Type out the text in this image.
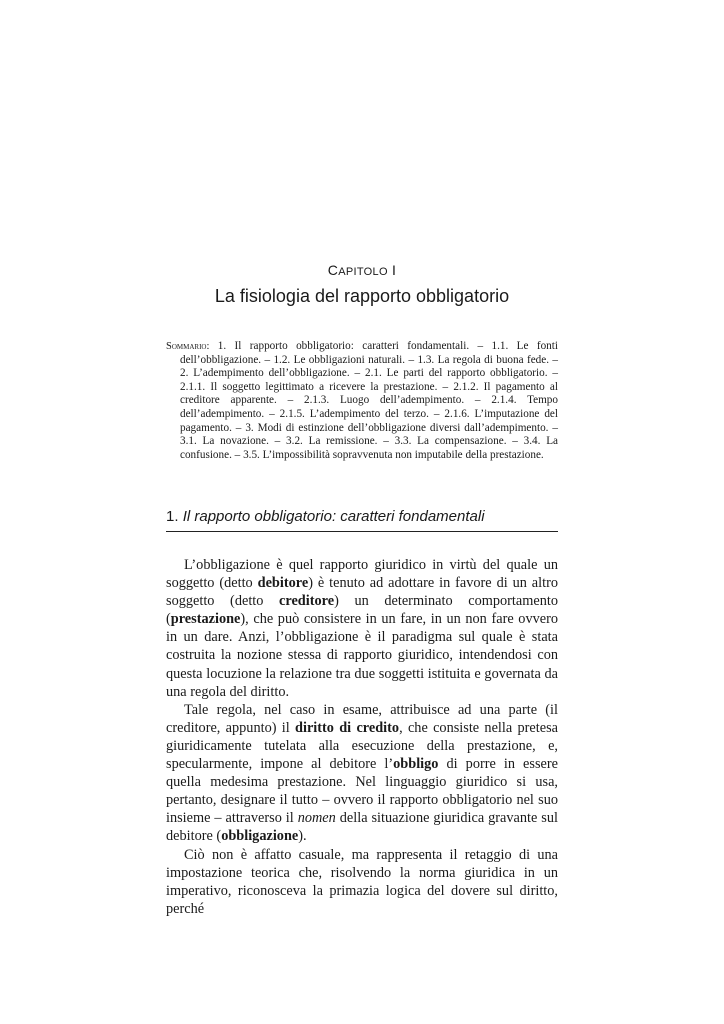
CAPITOLO I
La fisiologia del rapporto obbligatorio
Sommario: 1. Il rapporto obbligatorio: caratteri fondamentali. – 1.1. Le fonti dell’obbligazione. – 1.2. Le obbligazioni naturali. – 1.3. La regola di buona fede. – 2. L’adempimento dell’obbligazione. – 2.1. Le parti del rapporto obbligatorio. – 2.1.1. Il soggetto legittimato a ricevere la prestazione. – 2.1.2. Il pagamento al creditore apparente. – 2.1.3. Luogo dell’adempimento. – 2.1.4. Tempo dell’adempimento. – 2.1.5. L’adempimento del terzo. – 2.1.6. L’imputazione del pagamento. – 3. Modi di estinzione dell’obbligazione diversi dall’adempimento. – 3.1. La novazione. – 3.2. La remissione. – 3.3. La compensazione. – 3.4. La confusione. – 3.5. L’impossibilità sopravvenuta non imputabile della prestazione.
1. Il rapporto obbligatorio: caratteri fondamentali

L’obbligazione è quel rapporto giuridico in virtù del quale un soggetto (detto debitore) è tenuto ad adottare in favore di un altro soggetto (detto creditore) un determinato comportamento (prestazione), che può consistere in un fare, in un non fare ovvero in un dare. Anzi, l’obbligazione è il paradigma sul quale è stata costruita la nozione stessa di rapporto giuridico, intendendosi con questa locuzione la relazione tra due soggetti istituita e governata da una regola del diritto.

Tale regola, nel caso in esame, attribuisce ad una parte (il creditore, appunto) il diritto di credito, che consiste nella pretesa giuridicamente tutelata alla esecuzione della prestazione, e, specularmente, impone al debitore l’obbligo di porre in essere quella medesima prestazione. Nel linguaggio giuridico si usa, pertanto, designare il tutto – ovvero il rapporto obbligatorio nel suo insieme – attraverso il nomen della situazione giuridica gravante sul debitore (obbligazione).

Ciò non è affatto casuale, ma rappresenta il retaggio di una impostazione teorica che, risolvendo la norma giuridica in un imperativo, riconosceva la primazia logica del dovere sul diritto, perché
